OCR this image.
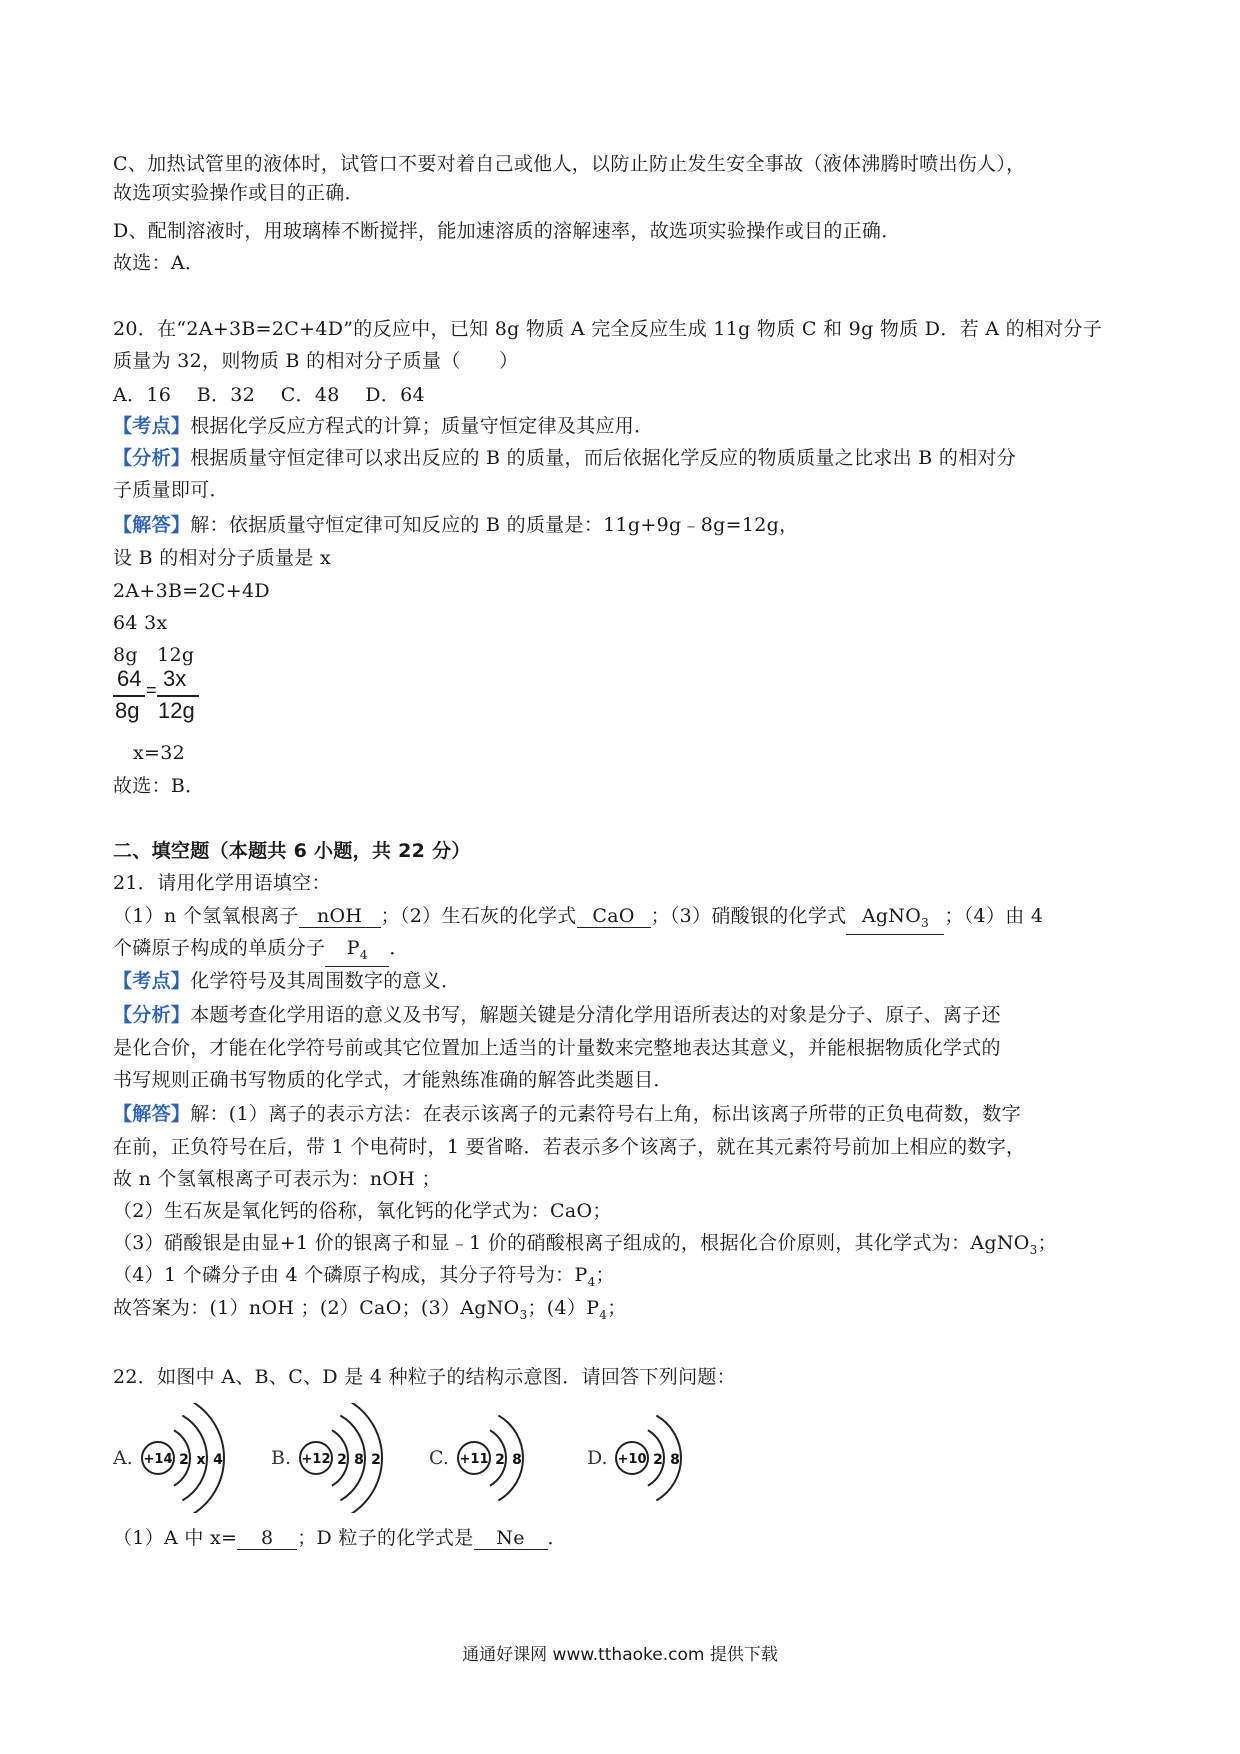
C、加热试管里的液体时，试管口不要对着自己或他人，以防止防止发生安全事故（液体沸腾时喷出伤人），
故选项实验操作或目的正确．
D、配制溶液时，用玻璃棒不断搅拌，能加速溶质的溶解速率，故选项实验操作或目的正确．
故选：A．
20．在“2A+3B=2C+4D”的反应中，已知 8g 物质 A 完全反应生成 11g 物质 C 和 9g 物质 D．若 A 的相对分子
质量为 32，则物质 B 的相对分子质量（　　）
A．16　 B．32　 C．48　 D．64
【考点】根据化学反应方程式的计算；质量守恒定律及其应用．
【分析】根据质量守恒定律可以求出反应的 B 的质量，而后依据化学反应的物质质量之比求出 B 的相对分
子质量即可．
【解答】解：依据质量守恒定律可知反应的 B 的质量是：11g+9g﹣8g=12g，
设 B 的相对分子质量是 x
2A+3B=2C+4D
64 3x
8g　12g
64
8g
= 3x
12g
x=32
故选：B．
二、填空题（本题共 6 小题，共 22 分）
21．请用化学用语填空：
（1）n 个氢氧根离子 nOH ；（2）生石灰的化学式 CaO ；（3）硝酸银的化学式 AgNO$_3$ ；（4）由 4
个磷原子构成的单质分子 $P_4$ ．
【考点】化学符号及其周围数字的意义．
【分析】本题考查化学用语的意义及书写，解题关键是分清化学用语所表达的对象是分子、原子、离子还
是化合价，才能在化学符号前或其它位置加上适当的计量数来完整地表达其意义，并能根据物质化学式的
书写规则正确书写物质的化学式，才能熟练准确的解答此类题目．
【解答】解：(1）离子的表示方法：在表示该离子的元素符号右上角，标出该离子所带的正负电荷数，数字
在前，正负符号在后，带 1 个电荷时，1 要省略．若表示多个该离子，就在其元素符号前加上相应的数字，
故 n 个氢氧根离子可表示为：nOH ；
（2）生石灰是氧化钙的俗称，氧化钙的化学式为：CaO；
（3）硝酸银是由显+1 价的银离子和显﹣1 价的硝酸根离子组成的，根据化合价原则，其化学式为：AgNO$_3$；
（4）1 个磷分子由 4 个磷原子构成，其分子符号为：$P_4$；
故答案为：(1）nOH ；(2）CaO；(3）AgNO$_3$；$(4)P_4$；
22．如图中 A、B、C、D 是 4 种粒子的结构示意图．请回答下列问题：
A. +14 2 x 4	B. +12 2 8 2	C. +11 2 8	D. +10 2 8
（1）A 中 x= 8 ；D 粒子的化学式是 Ne ．
通通好课网 www.tthaoke.com 提供下载
